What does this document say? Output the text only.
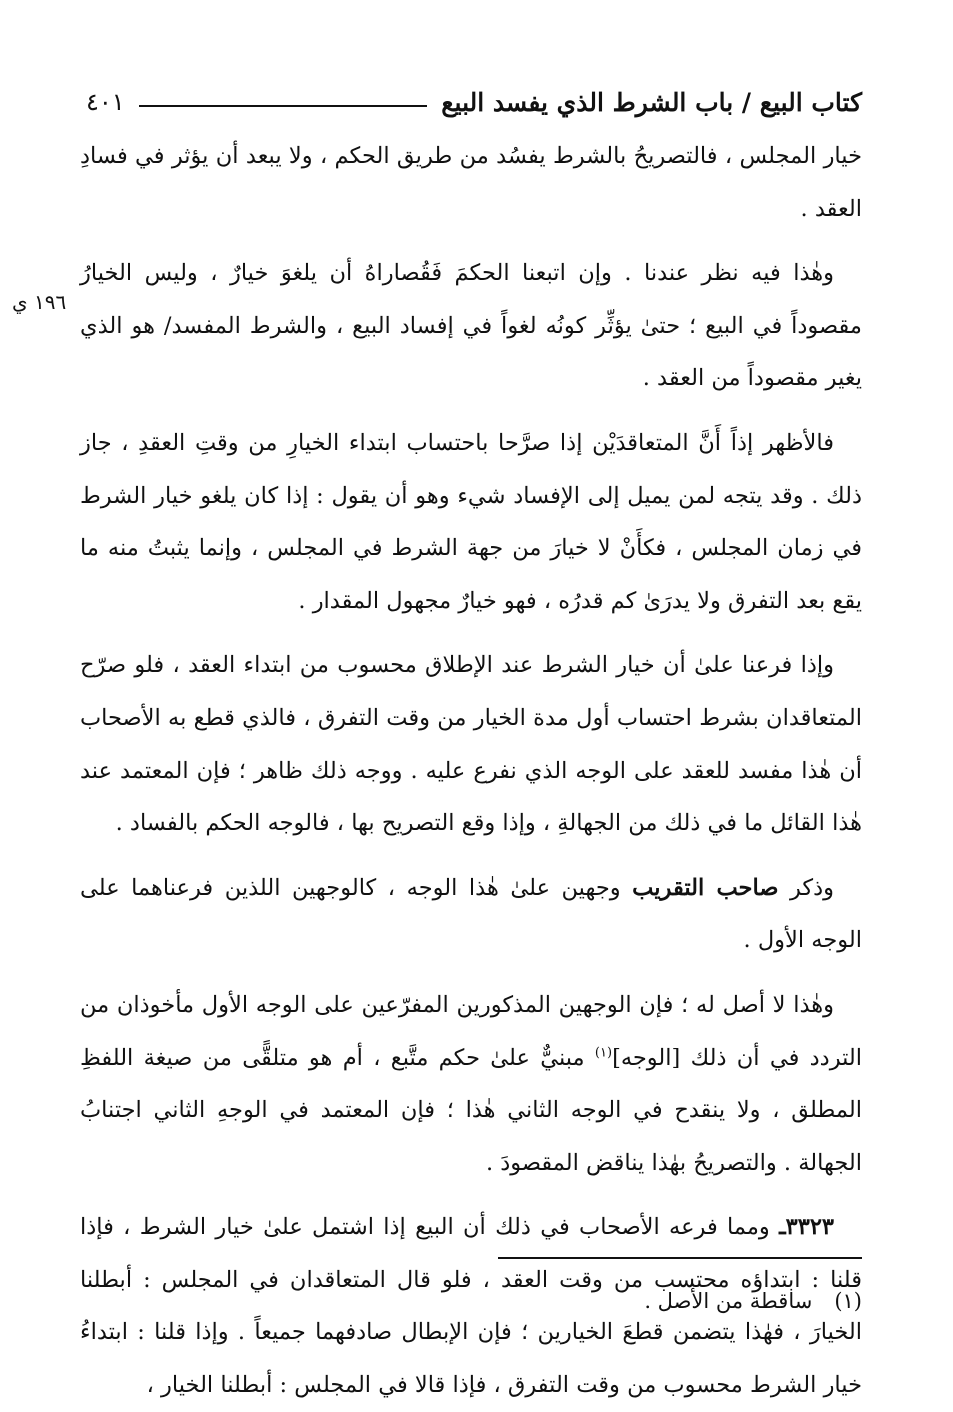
كتاب البيع / باب الشرط الذي يفسد البيع
٤٠١
١٩٦ ي

خيار المجلس ، فالتصريحُ بالشرط يفسُد من طريق الحكم ، ولا يبعد أن يؤثر في فسادِ العقد .

وهٰذا فيه نظر عندنا . وإن اتبعنا الحكمَ فَقُصاراهُ أن يلغوَ خيارٌ ، وليس الخيارُ مقصوداً في البيع ؛ حتىٰ يؤثِّر كونُه لغواً في إفساد البيع ، والشرط المفسد/ هو الذي يغير مقصوداً من العقد .

فالأظهر إذاً أَنَّ المتعاقدَيْن إذا صرَّحا باحتساب ابتداء الخيارِ من وقتِ العقدِ ، جاز ذلك . وقد يتجه لمن يميل إلى الإفساد شيء وهو أن يقول : إذا كان يلغو خيار الشرط في زمان المجلس ، فكأَنْ لا خيارَ من جهة الشرط في المجلس ، وإنما يثبتُ منه ما يقع بعد التفرق ولا يدرَىٰ كم قدرُه ، فهو خيارٌ مجهول المقدار .

وإذا فرعنا علىٰ أن خيار الشرط عند الإطلاق محسوب من ابتداء العقد ، فلو صرّح المتعاقدان بشرط احتساب أول مدة الخيار من وقت التفرق ، فالذي قطع به الأصحاب أن هٰذا مفسد للعقد على الوجه الذي نفرع عليه . ووجه ذلك ظاهر ؛ فإن المعتمد عند هٰذا القائل ما في ذلك من الجهالةِ ، وإذا وقع التصريح بها ، فالوجه الحكم بالفساد .

وذكر صاحب التقريب وجهين علىٰ هٰذا الوجه ، كالوجهين اللذين فرعناهما على الوجه الأول .

وهٰذا لا أصل له ؛ فإن الوجهين المذكورين المفرّعين على الوجه الأول مأخوذان من التردد في أن ذلك [الوجه]$^{(١)}$ مبنيٌّ علىٰ حكم متَّبع ، أم هو متلقًّى من صيغة اللفظِ المطلق ، ولا ينقدح في الوجه الثاني هٰذا ؛ فإن المعتمد في الوجهِ الثاني اجتنابُ الجهالة . والتصريحُ بهٰذا يناقض المقصودَ .

٣٣٢٣ـ ومما فرعه الأصحاب في ذلك أن البيع إذا اشتمل علىٰ خيار الشرط ، فإذا قلنا : ابتداؤه محتسب من وقت العقد ، فلو قال المتعاقدان في المجلس : أبطلنا الخيارَ ، فهٰذا يتضمن قطعَ الخيارين ؛ فإن الإبطال صادفهما جميعاً . وإذا قلنا : ابتداءُ خيار الشرط محسوب من وقت التفرق ، فإذا قالا في المجلس : أبطلنا الخيار ،

(١)ساقطة من الأصل .
